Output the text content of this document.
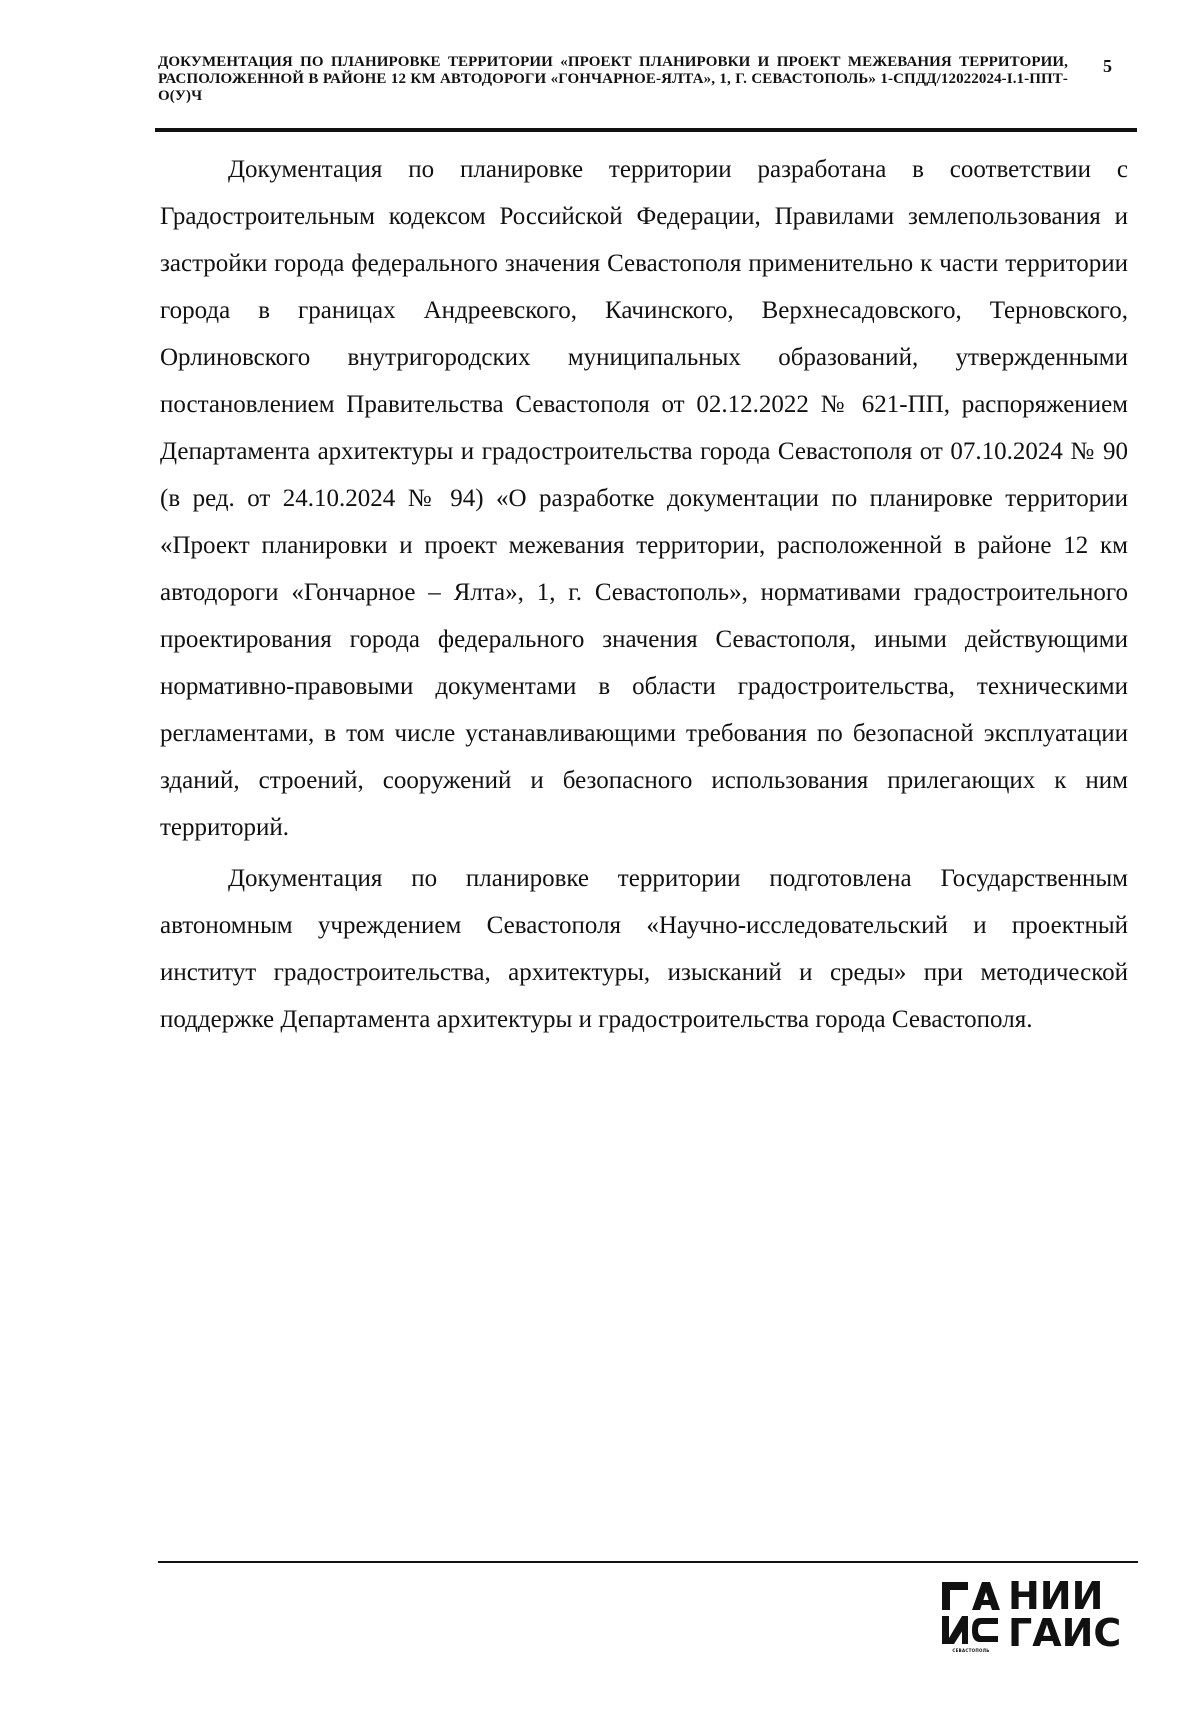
ДОКУМЕНТАЦИЯ ПО ПЛАНИРОВКЕ ТЕРРИТОРИИ «ПРОЕКТ ПЛАНИРОВКИ И ПРОЕКТ МЕЖЕВАНИЯ ТЕРРИТОРИИ, РАСПОЛОЖЕННОЙ В РАЙОНЕ 12 КМ АВТОДОРОГИ «ГОНЧАРНОЕ-ЯЛТА», 1, Г. СЕВАСТОПОЛЬ» 1-СПДД/12022024-I.1-ППТ-О(У)Ч
5

Документация по планировке территории разработана в соответствии с Градостроительным кодексом Российской Федерации, Правилами землепользования и застройки города федерального значения Севастополя применительно к части территории города в границах Андреевского, Качинского, Верхнесадовского, Терновского, Орлиновского внутригородских муниципальных образований, утвержденными постановлением Правительства Севастополя от 02.12.2022 № 621-ПП, распоряжением Департамента архитектуры и градостроительства города Севастополя от 07.10.2024 № 90 (в ред. от 24.10.2024 № 94) «О разработке документации по планировке территории «Проект планировки и проект межевания территории, расположенной в районе 12 км автодороги «Гончарное – Ялта», 1, г. Севастополь», нормативами градостроительного проектирования города федерального значения Севастополя, иными действующими нормативно-правовыми документами в области градостроительства, техническими регламентами, в том числе устанавливающими требования по безопасной эксплуатации зданий, строений, сооружений и безопасного использования прилегающих к ним территорий.

Документация по планировке территории подготовлена Государственным автономным учреждением Севастополя «Научно-исследовательский и проектный институт градостроительства, архитектуры, изысканий и среды» при методической поддержке Департамента архитектуры и градостроительства города Севастополя.

СЕВАСТОПОЛЬ
НИИ
ГАИС
